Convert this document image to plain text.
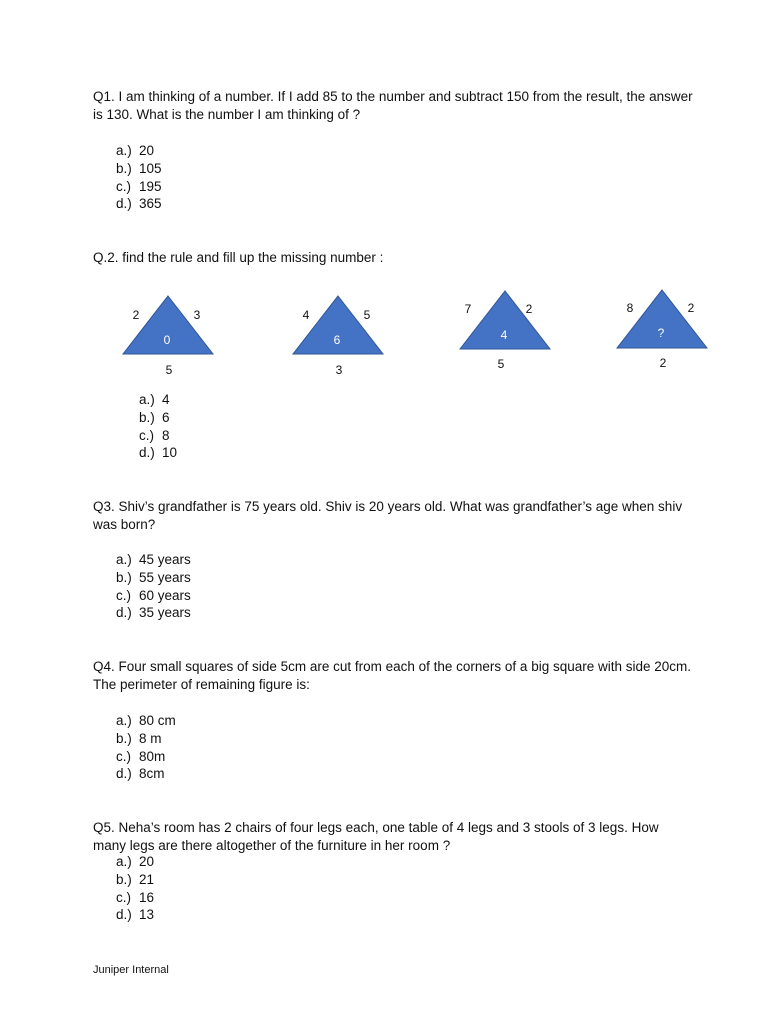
Q1. I am thinking of a number. If I add 85 to the number and subtract 150 from the result, the answer is 130. What is the number I am thinking of ?
a.) 20
b.) 105
c.) 195
d.) 365
Q.2. find the rule and fill up the missing number :
2	3
0
5
4	5
6
3
7	2
4
5
8	2
?
2
a.) 4
b.) 6
c.) 8
d.) 10
Q3. Shiv’s grandfather is 75 years old. Shiv is 20 years old. What was grandfather’s age when shiv was born?
a.) 45 years
b.) 55 years
c.) 60 years
d.) 35 years
Q4. Four small squares of side 5cm are cut from each of the corners of a big square with side 20cm. The perimeter of remaining figure is:
a.) 80 cm
b.) 8 m
c.) 80m
d.) 8cm
Q5. Neha’s room has 2 chairs of four legs each, one table of 4 legs and 3 stools of 3 legs. How many legs are there altogether of the furniture in her room ?
a.) 20
b.) 21
c.) 16
d.) 13
Juniper Internal
